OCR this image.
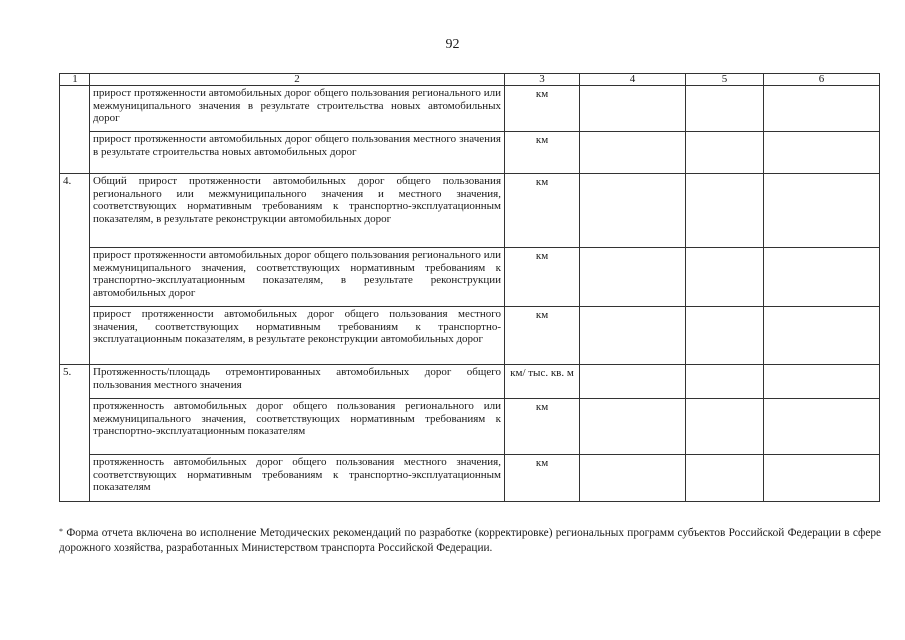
92
1	2	3	4	5	6
	прирост протяженности автомобильных дорог общего пользования регионального или межмуниципального значения в результате строительства новых автомобильных дорог	км			
	прирост протяженности автомобильных дорог общего пользования местного значения в результате строительства новых автомобильных дорог	км			
4.	Общий прирост протяженности автомобильных дорог общего пользования регионального или межмуниципального значения и местного значения, соответствующих нормативным требованиям к транспортно-эксплуатационным показателям, в результате реконструкции автомобильных дорог	км			
	прирост протяженности автомобильных дорог общего пользования регионального или межмуниципального значения, соответствующих нормативным требованиям к транспортно-эксплуатационным показателям, в результате реконструкции автомобильных дорог	км			
	прирост протяженности автомобильных дорог общего пользования местного значения, соответствующих нормативным требованиям к транспортно-эксплуатационным показателям, в результате реконструкции автомобильных дорог	км			
5.	Протяженность/площадь отремонтированных автомобильных дорог общего пользования местного значения	км/ тыс. кв. м			
	протяженность автомобильных дорог общего пользования регионального или межмуниципального значения, соответствующих нормативным требованиям к транспортно-эксплуатационным показателям	км			
	протяженность автомобильных дорог общего пользования местного значения, соответствующих нормативным требованиям к транспортно-эксплуатационным показателям	км			
* Форма отчета включена во исполнение Методических рекомендаций по разработке (корректировке) региональных программ субъектов Российской Федерации в сфере дорожного хозяйства, разработанных Министерством транспорта Российской Федерации.
